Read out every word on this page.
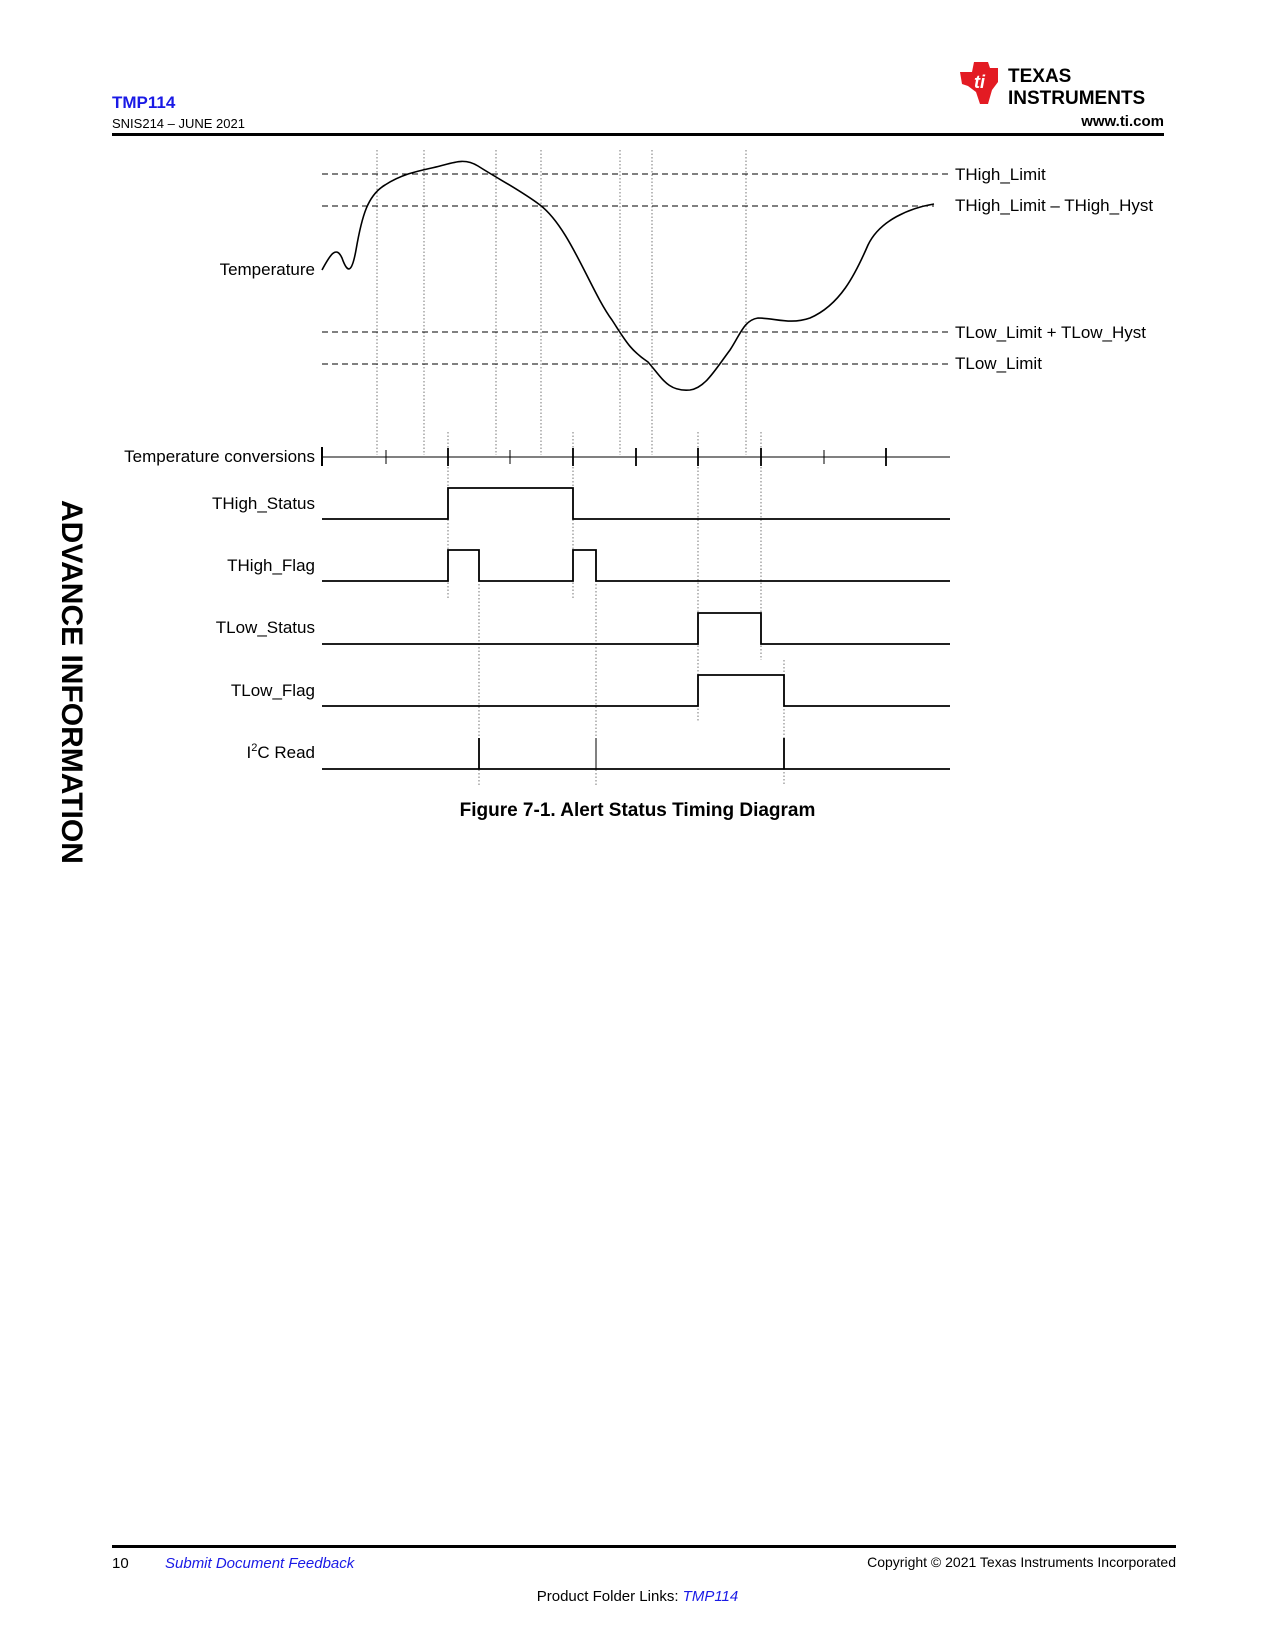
TMP114
SNIS214 – JUNE 2021
ti TEXAS
INSTRUMENTS
www.ti.com
ADVANCE INFORMATION
THigh_Limit
THigh_Limit – THigh_Hyst
TLow_Limit + TLow_Hyst
TLow_Limit
Temperature
Temperature conversions
THigh_Status
THigh_Flag
TLow_Status
TLow_Flag
$I^2C$ Read
Figure 7-1. Alert Status Timing Diagram
10 Submit Document Feedback	Copyright © 2021 Texas Instruments Incorporated
Product Folder Links: TMP114
